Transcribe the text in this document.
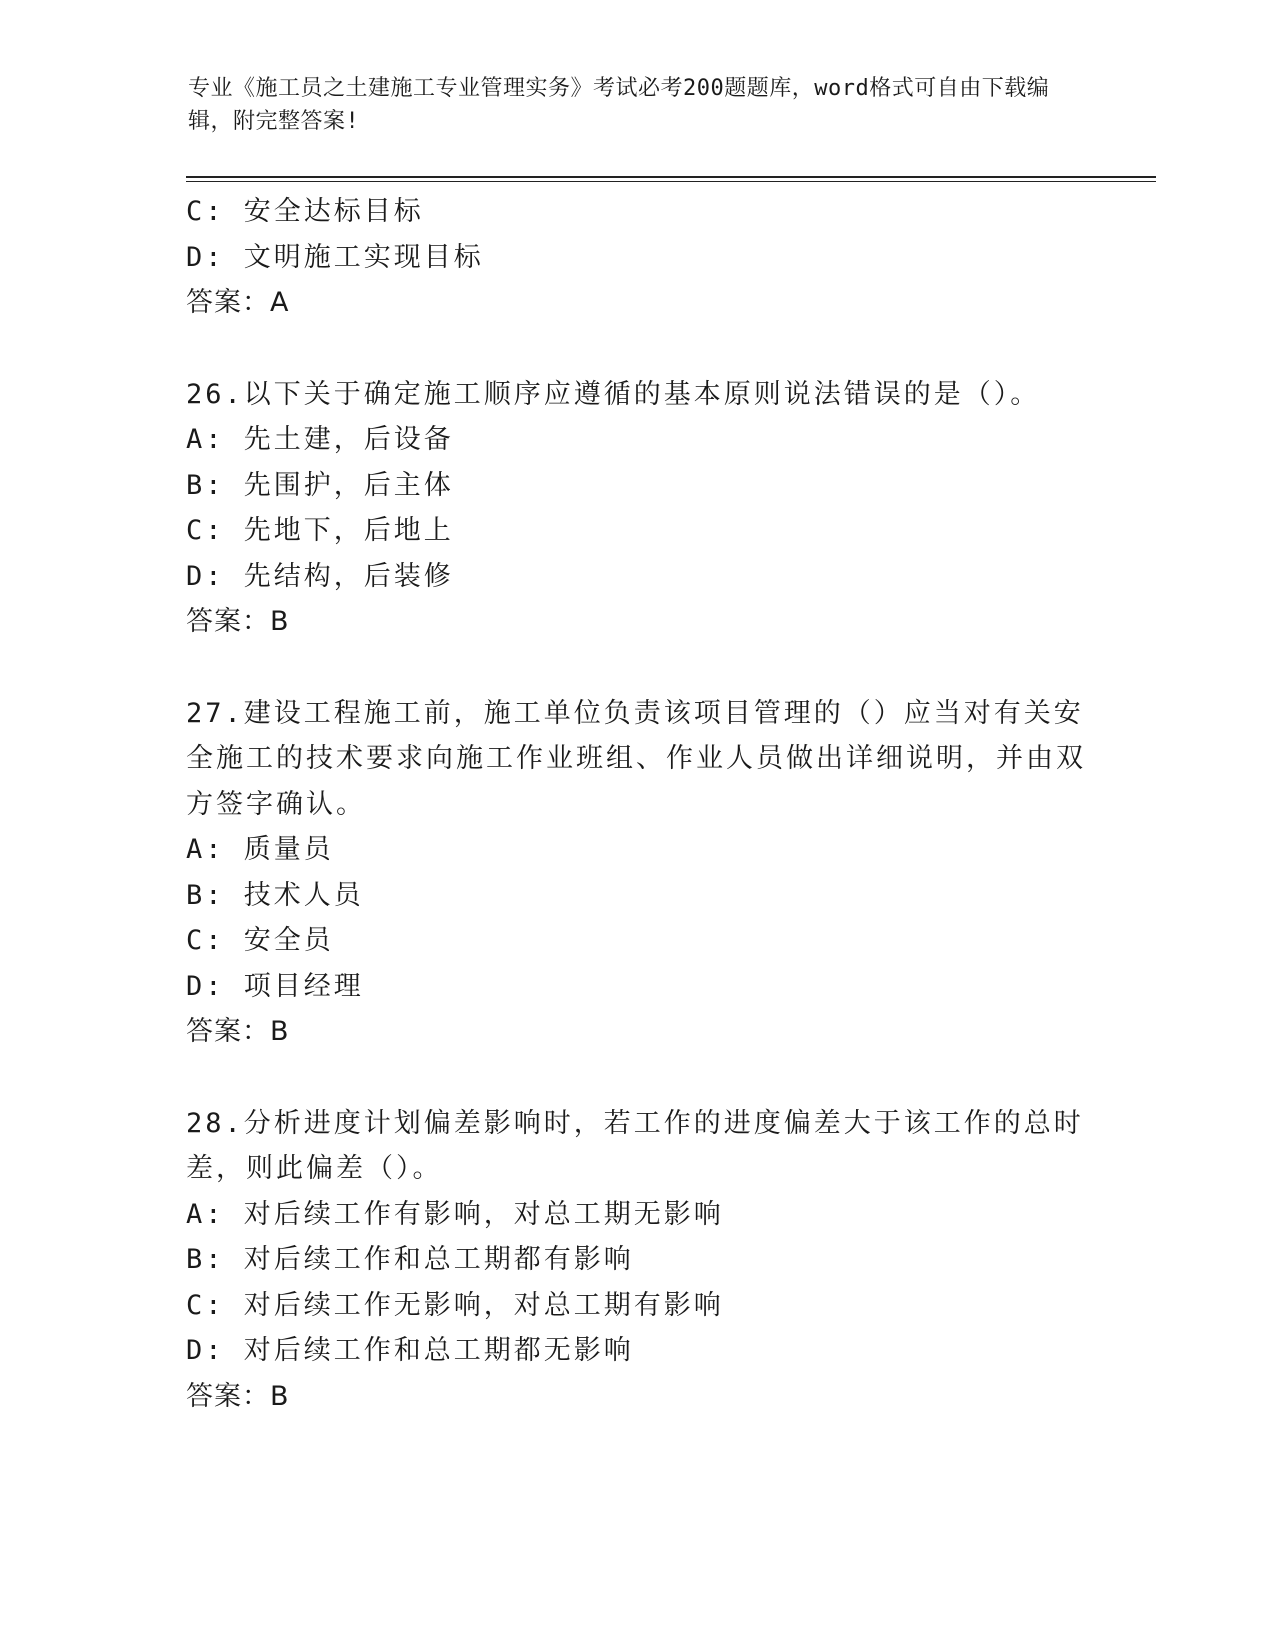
专业《施工员之土建施工专业管理实务》考试必考200题题库，word格式可自由下载编辑，附完整答案!
C: 安全达标目标
D: 文明施工实现目标
答案：A
26.以下关于确定施工顺序应遵循的基本原则说法错误的是（）。
A: 先土建，后设备
B: 先围护，后主体
C: 先地下，后地上
D: 先结构，后装修
答案：B
27.建设工程施工前，施工单位负责该项目管理的（）应当对有关安全施工的技术要求向施工作业班组、作业人员做出详细说明，并由双方签字确认。
A: 质量员
B: 技术人员
C: 安全员
D: 项目经理
答案：B
28.分析进度计划偏差影响时，若工作的进度偏差大于该工作的总时差，则此偏差（）。
A: 对后续工作有影响，对总工期无影响
B: 对后续工作和总工期都有影响
C: 对后续工作无影响，对总工期有影响
D: 对后续工作和总工期都无影响
答案：B
